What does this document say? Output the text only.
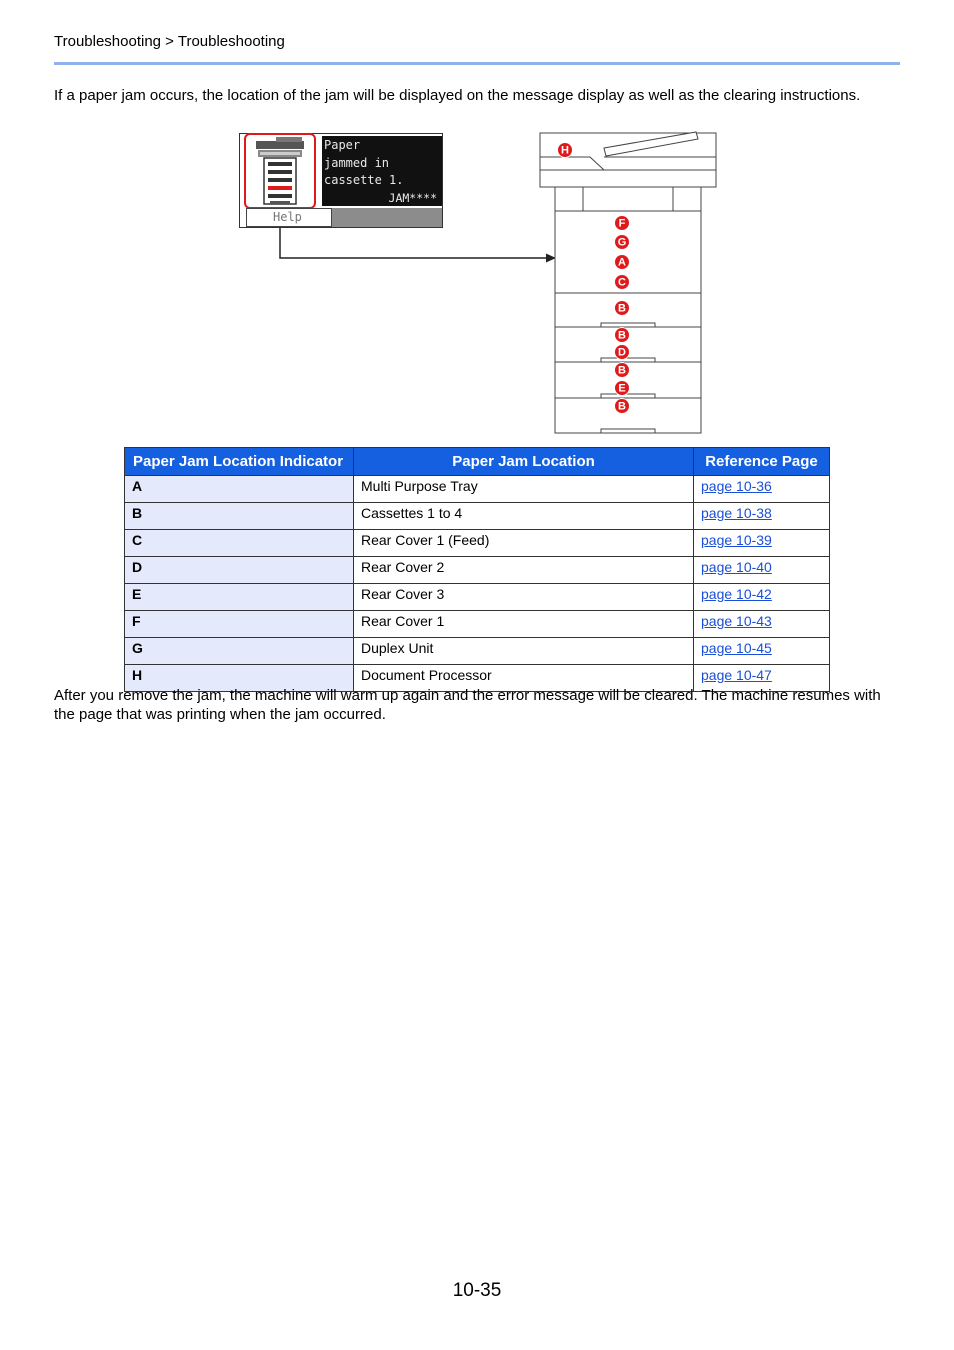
Troubleshooting > Troubleshooting
If a paper jam occurs, the location of the jam will be displayed on the message display as well as the clearing instructions.
Paper
jammed in
cassette 1.
JAM****
Help
H
F
G
A
C
B
B
D
B
E
B
Paper Jam Location Indicator	Paper Jam Location	Reference Page
A	Multi Purpose Tray	page 10-36
B	Cassettes 1 to 4	page 10-38
C	Rear Cover 1 (Feed)	page 10-39
D	Rear Cover 2	page 10-40
E	Rear Cover 3	page 10-42
F	Rear Cover 1	page 10-43
G	Duplex Unit	page 10-45
H	Document Processor	page 10-47
After you remove the jam, the machine will warm up again and the error message will be cleared. The machine resumes with the page that was printing when the jam occurred.
10-35
